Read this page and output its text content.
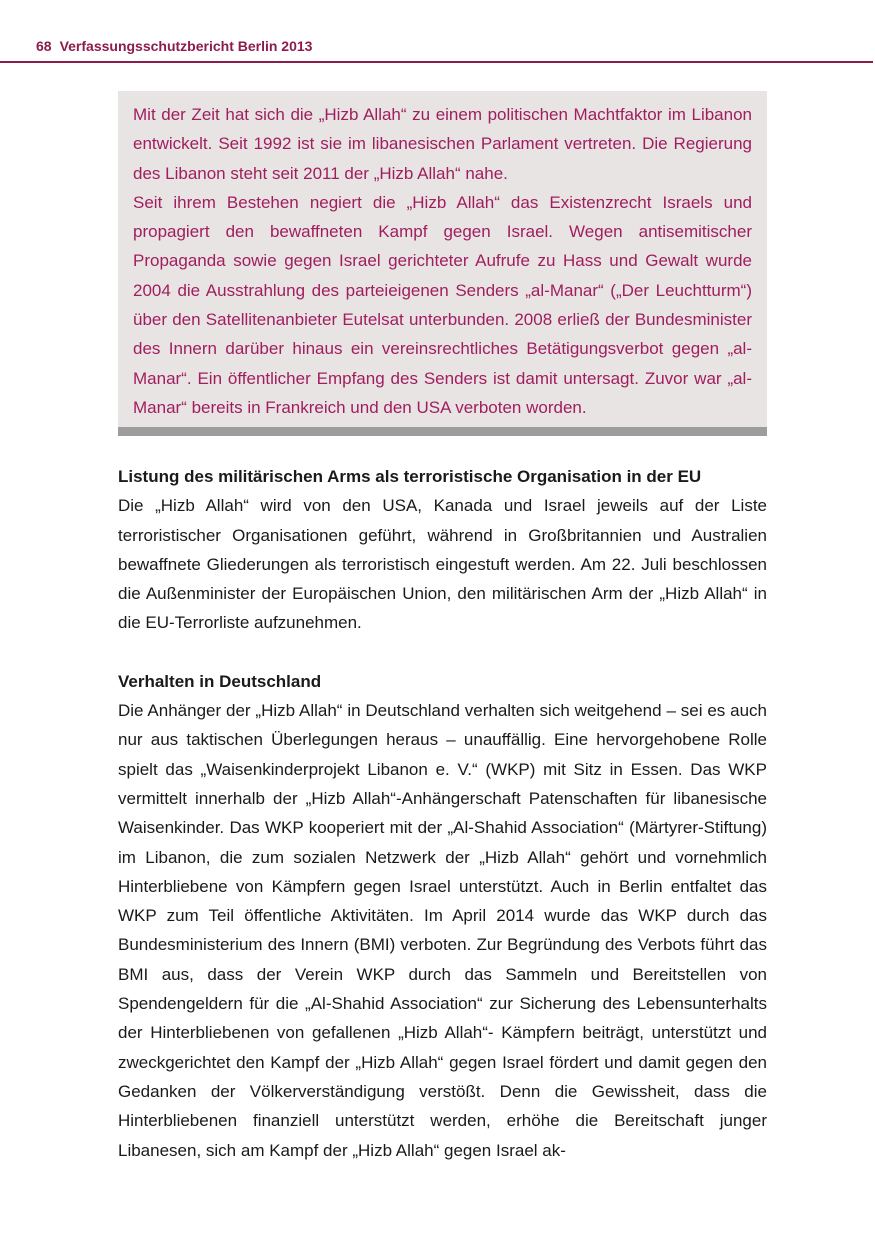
68 Verfassungsschutzbericht Berlin 2013

Mit der Zeit hat sich die „Hizb Allah“ zu einem politischen Machtfaktor im Libanon entwickelt. Seit 1992 ist sie im libanesischen Parlament vertreten. Die Regierung des Libanon steht seit 2011 der „Hizb Allah“ nahe.

Seit ihrem Bestehen negiert die „Hizb Allah“ das Existenzrecht Israels und propagiert den bewaffneten Kampf gegen Israel. Wegen antisemitischer Propaganda sowie gegen Israel gerichteter Aufrufe zu Hass und Gewalt wurde 2004 die Ausstrahlung des parteieigenen Senders „al-Manar“ („Der Leuchtturm“) über den Satellitenanbieter Eutelsat unterbunden. 2008 erließ der Bundesminister des Innern darüber hinaus ein vereinsrechtliches Betätigungsverbot gegen „al-Manar“. Ein öffentlicher Empfang des Senders ist damit untersagt. Zuvor war „al-Manar“ bereits in Frankreich und den USA verboten worden.

Listung des militärischen Arms als terroristische Organisation in der EU

Die „Hizb Allah“ wird von den USA, Kanada und Israel jeweils auf der Liste terroristischer Organisationen geführt, während in Großbritannien und Australien bewaffnete Gliederungen als terroristisch eingestuft werden. Am 22. Juli beschlossen die Außenminister der Europäischen Union, den militärischen Arm der „Hizb Allah“ in die EU-Terrorliste aufzunehmen.

Verhalten in Deutschland

Die Anhänger der „Hizb Allah“ in Deutschland verhalten sich weitgehend – sei es auch nur aus taktischen Überlegungen heraus – unauffällig. Eine hervorgehobene Rolle spielt das „Waisenkinderprojekt Libanon e. V.“ (WKP) mit Sitz in Essen. Das WKP vermittelt innerhalb der „Hizb Allah“-Anhängerschaft Patenschaften für libanesische Waisenkinder. Das WKP kooperiert mit der „Al-Shahid Association“ (Märtyrer-Stiftung) im Libanon, die zum sozialen Netzwerk der „Hizb Allah“ gehört und vornehmlich Hinterbliebene von Kämpfern gegen Israel unterstützt. Auch in Berlin entfaltet das WKP zum Teil öffentliche Aktivitäten. Im April 2014 wurde das WKP durch das Bundesministerium des Innern (BMI) verboten. Zur Begründung des Verbots führt das BMI aus, dass der Verein WKP durch das Sammeln und Bereitstellen von Spendengeldern für die „Al-Shahid Association“ zur Sicherung des Lebensunterhalts der Hinterbliebenen von gefallenen „Hizb Allah“- Kämpfern beiträgt, unterstützt und zweckgerichtet den Kampf der „Hizb Allah“ gegen Israel fördert und damit gegen den Gedanken der Völkerverständigung verstößt. Denn die Gewissheit, dass die Hinterbliebenen finanziell unterstützt werden, erhöhe die Bereitschaft junger Libanesen, sich am Kampf der „Hizb Allah“ gegen Israel ak-
